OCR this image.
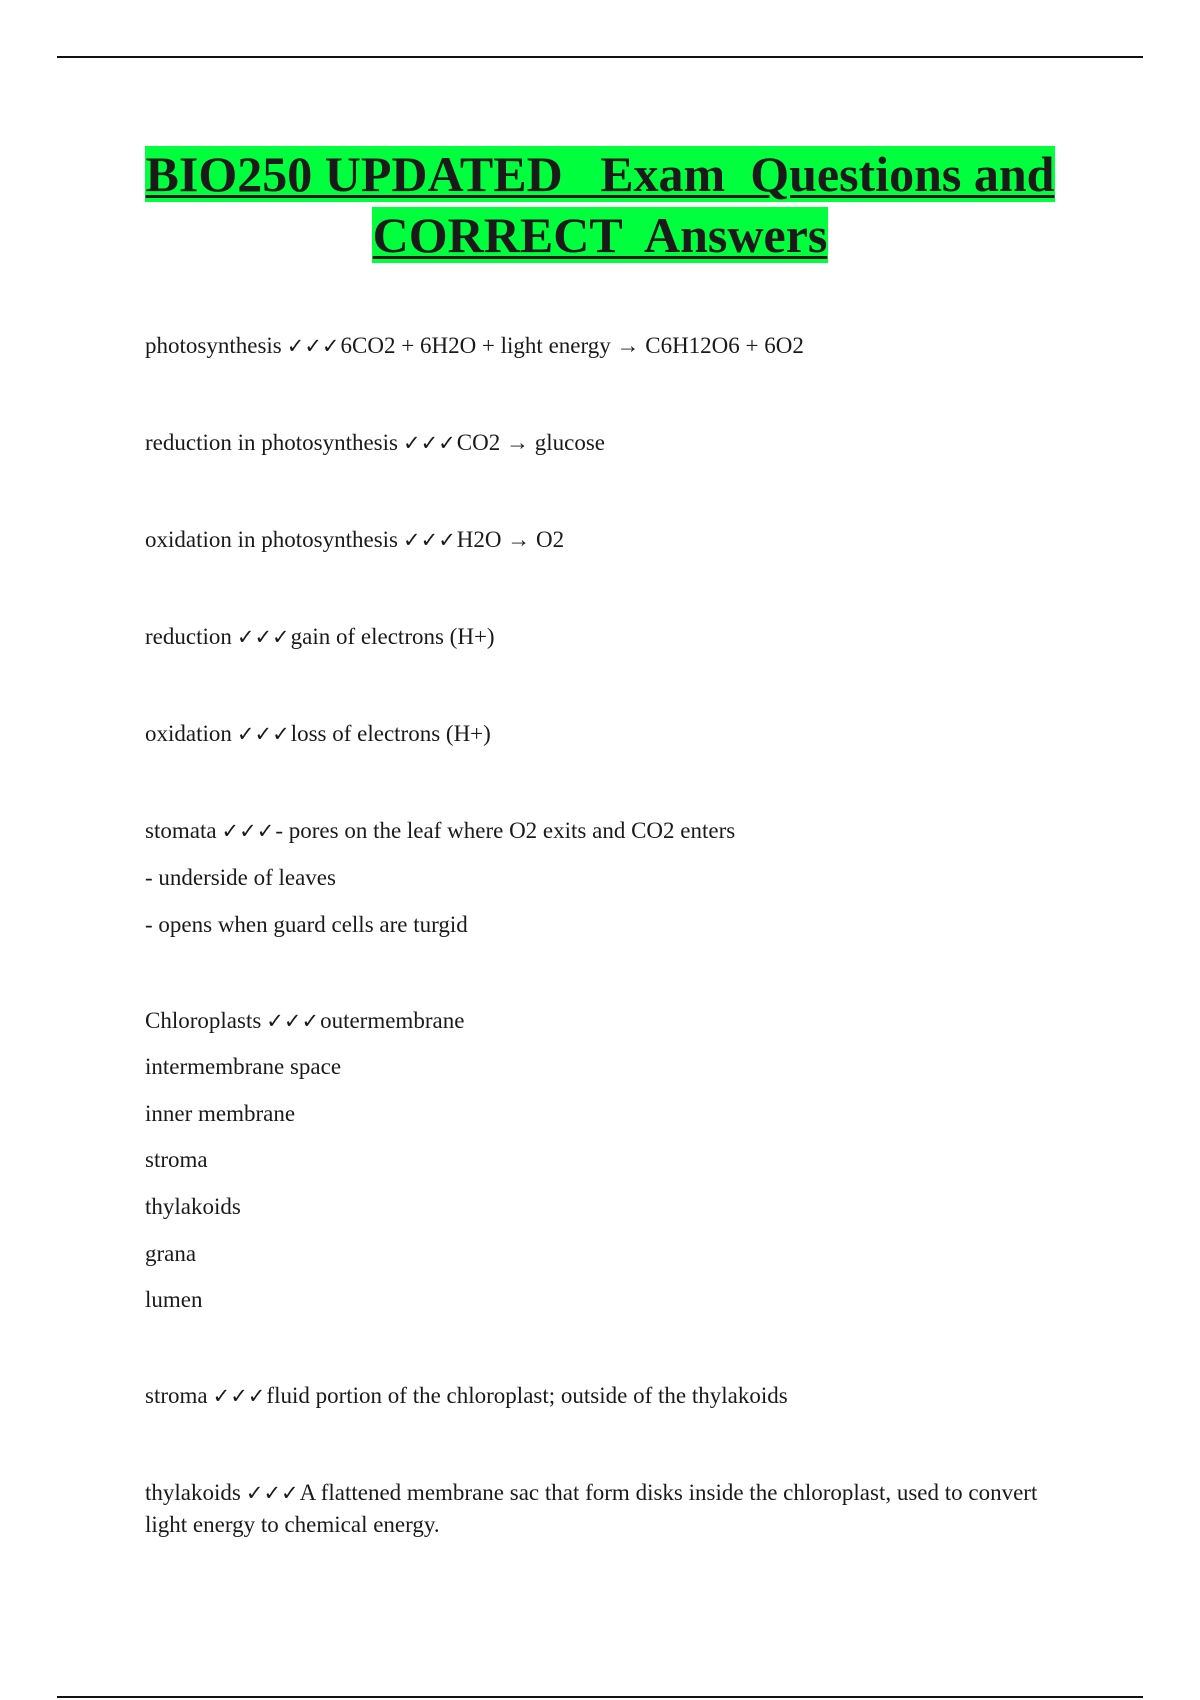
BIO250 UPDATED   Exam  Questions and
CORRECT  Answers

photosynthesis ✓✓✓6CO2 + 6H2O + light energy → C6H12O6 + 6O2

reduction in photosynthesis ✓✓✓CO2 → glucose

oxidation in photosynthesis ✓✓✓H2O → O2

reduction ✓✓✓gain of electrons (H+)

oxidation ✓✓✓loss of electrons (H+)

stomata ✓✓✓- pores on the leaf where O2 exits and CO2 enters

- underside of leaves

- opens when guard cells are turgid

Chloroplasts ✓✓✓outermembrane

intermembrane space

inner membrane

stroma

thylakoids

grana

lumen

stroma ✓✓✓fluid portion of the chloroplast; outside of the thylakoids

thylakoids ✓✓✓A flattened membrane sac that form disks inside the chloroplast, used to convert light energy to chemical energy.
